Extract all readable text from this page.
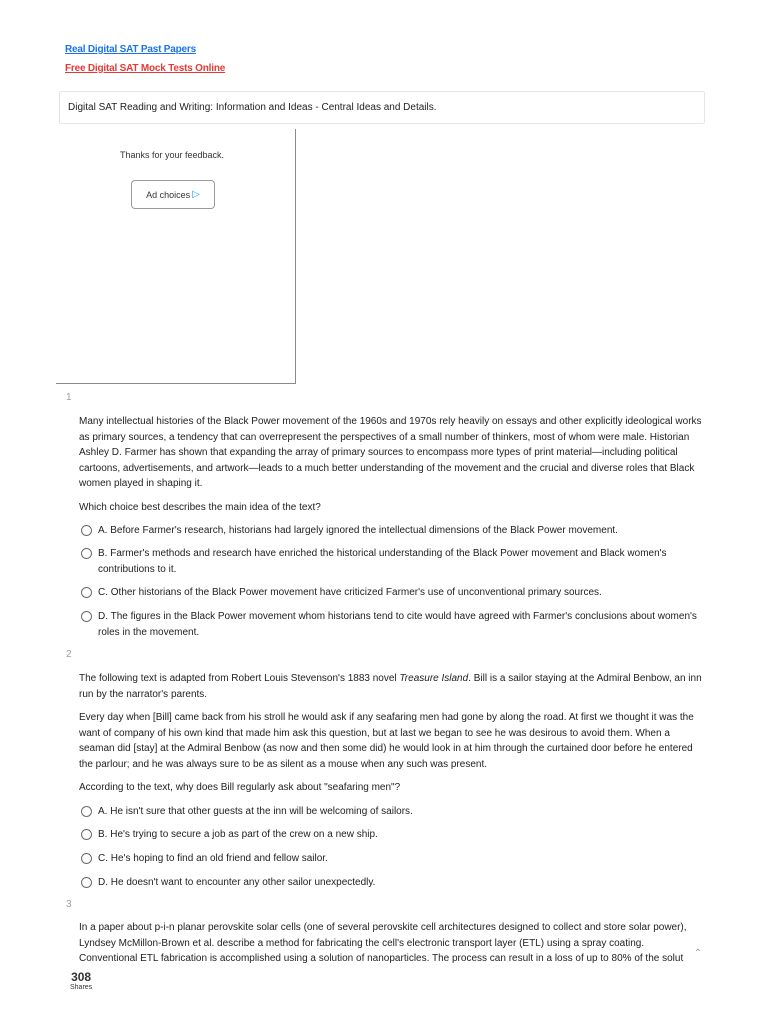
Real Digital SAT Past Papers
Free Digital SAT Mock Tests Online
Digital SAT Reading and Writing: Information and Ideas - Central Ideas and Details.
Thanks for your feedback.
Ad choices ▷
1
Many intellectual histories of the Black Power movement of the 1960s and 1970s rely heavily on essays and other explicitly ideological works as primary sources, a tendency that can overrepresent the perspectives of a small number of thinkers, most of whom were male. Historian Ashley D. Farmer has shown that expanding the array of primary sources to encompass more types of print material—including political cartoons, advertisements, and artwork—leads to a much better understanding of the movement and the crucial and diverse roles that Black women played in shaping it.
Which choice best describes the main idea of the text?
A. Before Farmer's research, historians had largely ignored the intellectual dimensions of the Black Power movement.
B. Farmer's methods and research have enriched the historical understanding of the Black Power movement and Black women's contributions to it.
C. Other historians of the Black Power movement have criticized Farmer's use of unconventional primary sources.
D. The figures in the Black Power movement whom historians tend to cite would have agreed with Farmer's conclusions about women's roles in the movement.
2
The following text is adapted from Robert Louis Stevenson's 1883 novel Treasure Island. Bill is a sailor staying at the Admiral Benbow, an inn run by the narrator's parents.
Every day when [Bill] came back from his stroll he would ask if any seafaring men had gone by along the road. At first we thought it was the want of company of his own kind that made him ask this question, but at last we began to see he was desirous to avoid them. When a seaman did [stay] at the Admiral Benbow (as now and then some did) he would look in at him through the curtained door before he entered the parlour; and he was always sure to be as silent as a mouse when any such was present.
According to the text, why does Bill regularly ask about "seafaring men"?
A. He isn't sure that other guests at the inn will be welcoming of sailors.
B. He's trying to secure a job as part of the crew on a new ship.
C. He's hoping to find an old friend and fellow sailor.
D. He doesn't want to encounter any other sailor unexpectedly.
3
In a paper about p-i-n planar perovskite solar cells (one of several perovskite cell architectures designed to collect and store solar power), Lyndsey McMillon-Brown et al. describe a method for fabricating the cell's electronic transport layer (ETL) using a spray coating. Conventional ETL fabrication is accomplished using a solution of nanoparticles. The process can result in a loss of up to 80% of the solut	⌃
308
Shares
